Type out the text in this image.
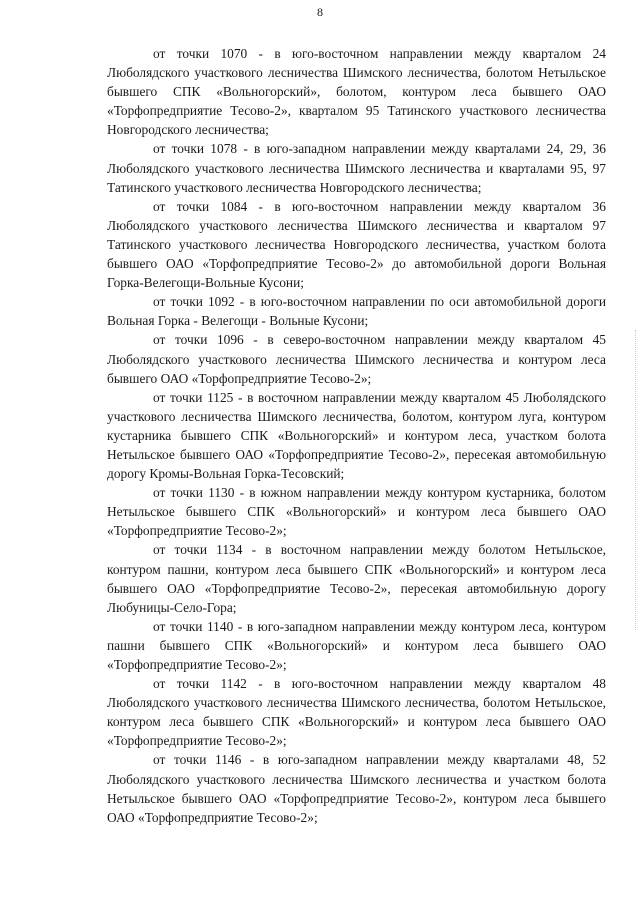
8

от точки 1070 - в юго-восточном направлении между кварталом 24 Люболядского участкового лесничества Шимского лесничества, болотом Нетыльское бывшего СПК «Вольногорский», болотом, контуром леса бывшего ОАО «Торфопредприятие Тесово-2», кварталом 95 Татинского участкового лесничества Новгородского лесничества;

от точки 1078 - в юго-западном направлении между кварталами 24, 29, 36 Люболядского участкового лесничества Шимского лесничества и кварталами 95, 97 Татинского участкового лесничества Новгородского лесничества;

от точки 1084 - в юго-восточном направлении между кварталом 36 Люболядского участкового лесничества Шимского лесничества и кварталом 97 Татинского участкового лесничества Новгородского лесничества, участком болота бывшего ОАО «Торфопредприятие Тесово-2» до автомобильной дороги Вольная Горка-Велегощи-Вольные Кусони;

от точки 1092 - в юго-восточном направлении по оси автомобильной дороги Вольная Горка - Велегощи - Вольные Кусони;

от точки 1096 - в северо-восточном направлении между кварталом 45 Люболядского участкового лесничества Шимского лесничества и контуром леса бывшего ОАО «Торфопредприятие Тесово-2»;

от точки 1125 - в восточном направлении между кварталом 45 Люболядского участкового лесничества Шимского лесничества, болотом, контуром луга, контуром кустарника бывшего СПК «Вольногорский» и контуром леса, участком болота Нетыльское бывшего ОАО «Торфопредприятие Тесово-2», пересекая автомобильную дорогу Кромы-Вольная Горка-Тесовский;

от точки 1130 - в южном направлении между контуром кустарника, болотом Нетыльское бывшего СПК «Вольногорский» и контуром леса бывшего ОАО «Торфопредприятие Тесово-2»;

от точки 1134 - в восточном направлении между болотом Нетыльское, контуром пашни, контуром леса бывшего СПК «Вольногорский» и контуром леса бывшего ОАО «Торфопредприятие Тесово-2», пересекая автомобильную дорогу Любуницы-Село-Гора;

от точки 1140 - в юго-западном направлении между контуром леса, контуром пашни бывшего СПК «Вольногорский» и контуром леса бывшего ОАО «Торфопредприятие Тесово-2»;

от точки 1142 - в юго-восточном направлении между кварталом 48 Люболядского участкового лесничества Шимского лесничества, болотом Нетыльское, контуром леса бывшего СПК «Вольногорский» и контуром леса бывшего ОАО «Торфопредприятие Тесово-2»;

от точки 1146 - в юго-западном направлении между кварталами 48, 52 Люболядского участкового лесничества Шимского лесничества и участком болота Нетыльское бывшего ОАО «Торфопредприятие Тесово-2», контуром леса бывшего ОАО «Торфопредприятие Тесово-2»;
